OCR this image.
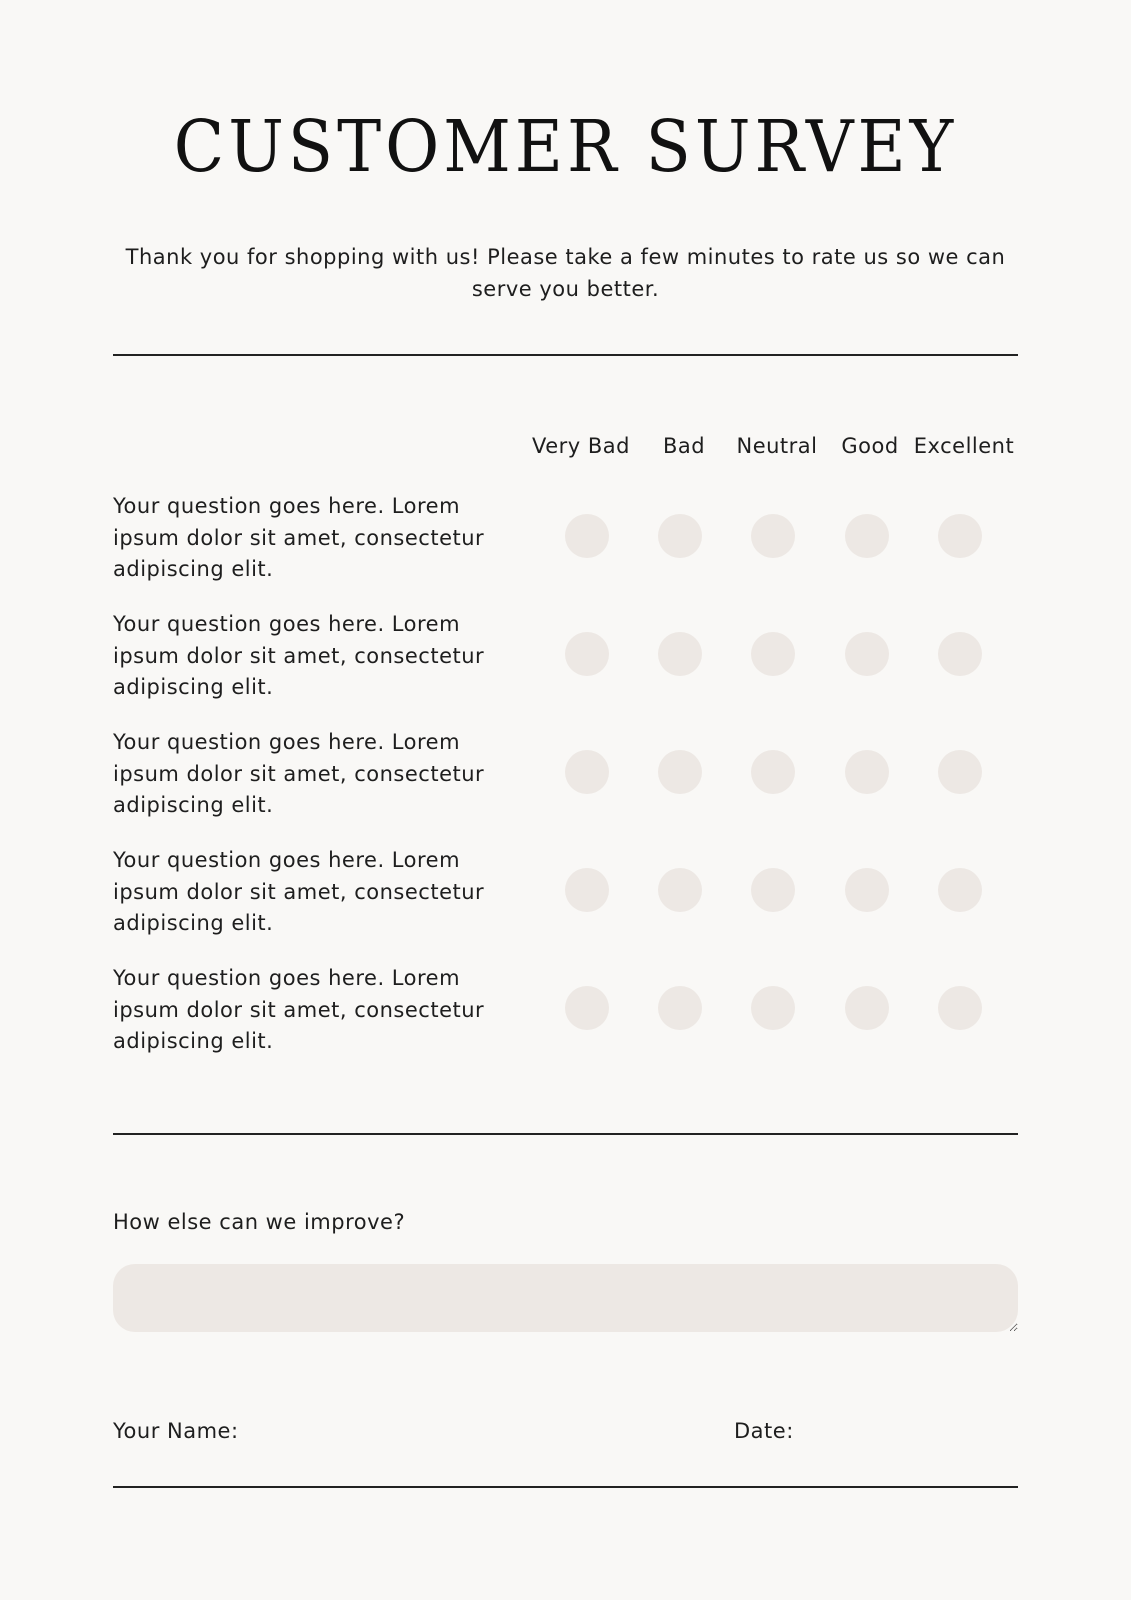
CUSTOMER SURVEY

Thank you for shopping with us! Please take a few minutes to rate us so we can serve you better.

Very Bad	Bad	Neutral	Good Excellent
Your question goes here. Lorem ipsum dolor sit amet, consectetur adipiscing elit.
Your question goes here. Lorem ipsum dolor sit amet, consectetur adipiscing elit.
Your question goes here. Lorem ipsum dolor sit amet, consectetur adipiscing elit.
Your question goes here. Lorem ipsum dolor sit amet, consectetur adipiscing elit.
Your question goes here. Lorem ipsum dolor sit amet, consectetur adipiscing elit.
How else can we improve?
Your Name:	Date:
